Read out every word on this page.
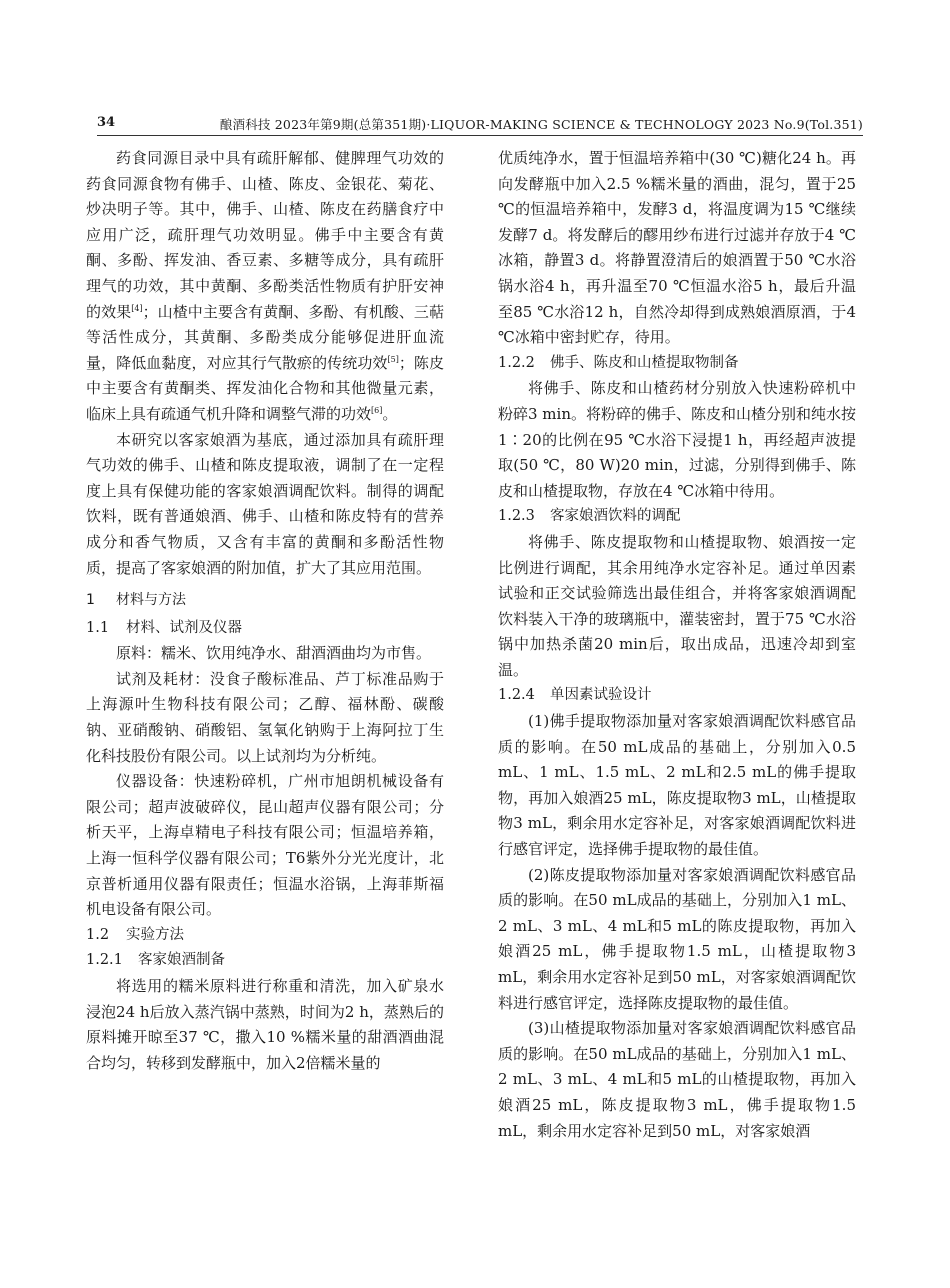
34	酿酒科技 2023年第9期(总第351期)·LIQUOR-MAKING SCIENCE & TECHNOLOGY 2023 No.9(Tol.351)

药食同源目录中具有疏肝解郁、健脾理气功效的药食同源食物有佛手、山楂、陈皮、金银花、菊花、炒决明子等。其中，佛手、山楂、陈皮在药膳食疗中应用广泛，疏肝理气功效明显。佛手中主要含有黄酮、多酚、挥发油、香豆素、多糖等成分，具有疏肝理气的功效，其中黄酮、多酚类活性物质有护肝安神的效果[4]；山楂中主要含有黄酮、多酚、有机酸、三萜等活性成分，其黄酮、多酚类成分能够促进肝血流量，降低血黏度，对应其行气散瘀的传统功效[5]；陈皮中主要含有黄酮类、挥发油化合物和其他微量元素，临床上具有疏通气机升降和调整气滞的功效[6]。

本研究以客家娘酒为基底，通过添加具有疏肝理气功效的佛手、山楂和陈皮提取液，调制了在一定程度上具有保健功能的客家娘酒调配饮料。制得的调配饮料，既有普通娘酒、佛手、山楂和陈皮特有的营养成分和香气物质，又含有丰富的黄酮和多酚活性物质，提高了客家娘酒的附加值，扩大了其应用范围。

1 材料与方法
1.1 材料、试剂及仪器

原料：糯米、饮用纯净水、甜酒酒曲均为市售。

试剂及耗材：没食子酸标准品、芦丁标准品购于上海源叶生物科技有限公司；乙醇、福林酚、碳酸钠、亚硝酸钠、硝酸铝、氢氧化钠购于上海阿拉丁生化科技股份有限公司。以上试剂均为分析纯。

仪器设备：快速粉碎机，广州市旭朗机械设备有限公司；超声波破碎仪，昆山超声仪器有限公司；分析天平，上海卓精电子科技有限公司；恒温培养箱，上海一恒科学仪器有限公司；T6紫外分光光度计，北京普析通用仪器有限责任；恒温水浴锅，上海菲斯福机电设备有限公司。

1.2 实验方法
1.2.1 客家娘酒制备

将选用的糯米原料进行称重和清洗，加入矿泉水浸泡24 h后放入蒸汽锅中蒸熟，时间为2 h，蒸熟后的原料摊开晾至37 ℃，撒入10 %糯米量的甜酒酒曲混合均匀，转移到发酵瓶中，加入2倍糯米量的

优质纯净水，置于恒温培养箱中(30 ℃)糖化24 h。再向发酵瓶中加入2.5 %糯米量的酒曲，混匀，置于25 ℃的恒温培养箱中，发酵3 d，将温度调为15 ℃继续发酵7 d。将发酵后的醪用纱布进行过滤并存放于4 ℃冰箱，静置3 d。将静置澄清后的娘酒置于50 ℃水浴锅水浴4 h，再升温至70 ℃恒温水浴5 h，最后升温至85 ℃水浴12 h，自然冷却得到成熟娘酒原酒，于4 ℃冰箱中密封贮存，待用。

1.2.2 佛手、陈皮和山楂提取物制备

将佛手、陈皮和山楂药材分别放入快速粉碎机中粉碎3 min。将粉碎的佛手、陈皮和山楂分别和纯水按1∶20的比例在95 ℃水浴下浸提1 h，再经超声波提取(50 ℃，80 W)20 min，过滤，分别得到佛手、陈皮和山楂提取物，存放在4 ℃冰箱中待用。

1.2.3 客家娘酒饮料的调配

将佛手、陈皮提取物和山楂提取物、娘酒按一定比例进行调配，其余用纯净水定容补足。通过单因素试验和正交试验筛选出最佳组合，并将客家娘酒调配饮料装入干净的玻璃瓶中，灌装密封，置于75 ℃水浴锅中加热杀菌20 min后，取出成品，迅速冷却到室温。

1.2.4 单因素试验设计

(1)佛手提取物添加量对客家娘酒调配饮料感官品质的影响。在50 mL成品的基础上，分别加入0.5 mL、1 mL、1.5 mL、2 mL和2.5 mL的佛手提取物，再加入娘酒25 mL，陈皮提取物3 mL，山楂提取物3 mL，剩余用水定容补足，对客家娘酒调配饮料进行感官评定，选择佛手提取物的最佳值。

(2)陈皮提取物添加量对客家娘酒调配饮料感官品质的影响。在50 mL成品的基础上，分别加入1 mL、2 mL、3 mL、4 mL和5 mL的陈皮提取物，再加入娘酒25 mL，佛手提取物1.5 mL，山楂提取物3 mL，剩余用水定容补足到50 mL，对客家娘酒调配饮料进行感官评定，选择陈皮提取物的最佳值。

(3)山楂提取物添加量对客家娘酒调配饮料感官品质的影响。在50 mL成品的基础上，分别加入1 mL、2 mL、3 mL、4 mL和5 mL的山楂提取物，再加入娘酒25 mL，陈皮提取物3 mL，佛手提取物1.5 mL，剩余用水定容补足到50 mL，对客家娘酒
